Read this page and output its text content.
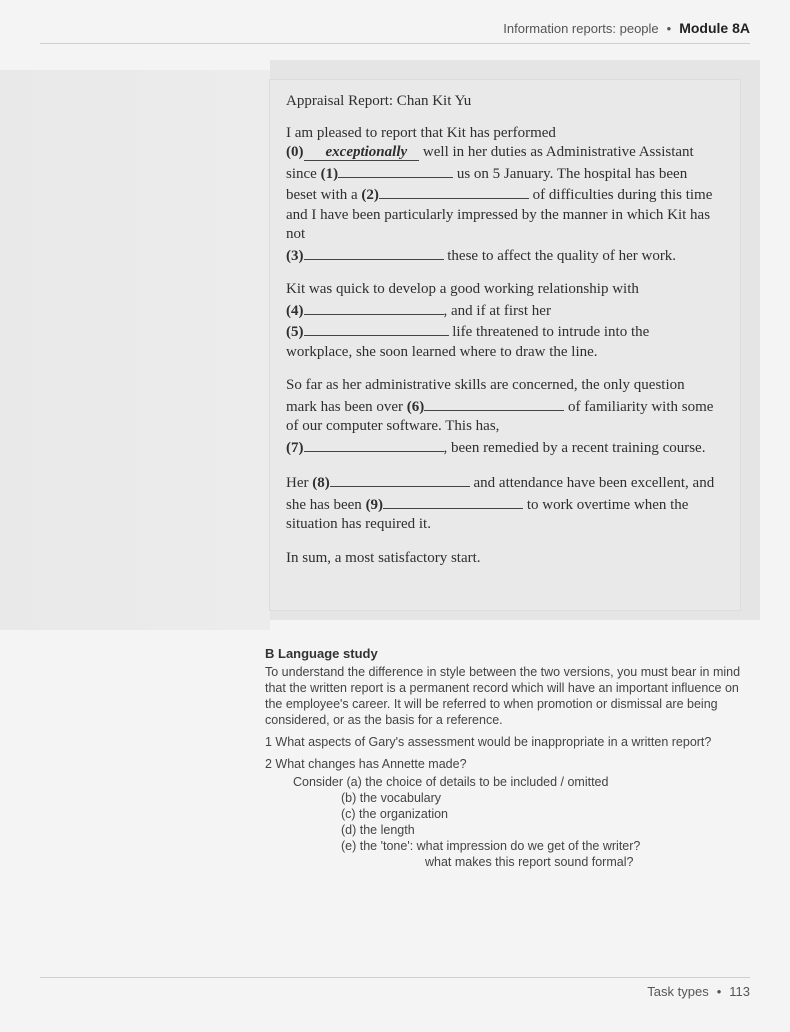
Information reports: people • Module 8A

Appraisal Report: Chan Kit Yu

I am pleased to report that Kit has performed
(0) exceptionally well in her duties as Administrative Assistant since (1)	us on 5 January. The hospital has been beset with a (2)	of difficulties during this time and I have been particularly impressed by the manner in which Kit has not
(3)	these to affect the quality of her work.

Kit was quick to develop a good working relationship with
(4)	, and if at first her
(5)	life threatened to intrude into the workplace, she soon learned where to draw the line.

So far as her administrative skills are concerned, the only question mark has been over (6)	of familiarity with some of our computer software. This has,
(7)	, been remedied by a recent training course.

Her (8)	and attendance have been excellent, and she has been (9)	to work overtime when the situation has required it.

In sum, a most satisfactory start.

B Language study

To understand the difference in style between the two versions, you must bear in mind that the written report is a permanent record which will have an important influence on the employee's career. It will be referred to when promotion or dismissal are being considered, or as the basis for a reference.

1 What aspects of Gary's assessment would be inappropriate in a written report?
2 What changes has Annette made?
Consider (a) the choice of details to be included / omitted
(b) the vocabulary
(c) the organization
(d) the length
(e) the 'tone': what impression do we get of the writer?
what makes this report sound formal?
Task types • 113
